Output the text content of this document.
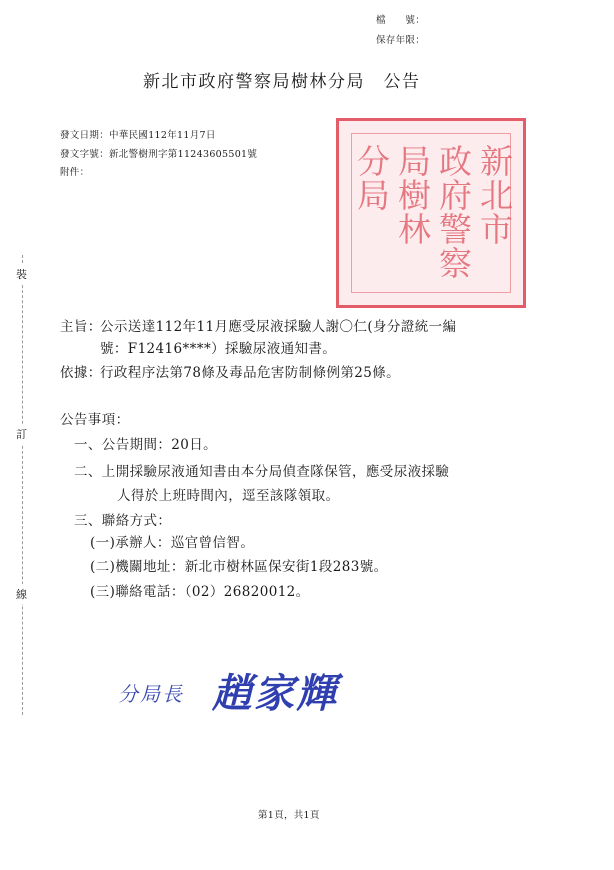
檔　　號：
保存年限：
新北市政府警察局樹林分局　公告
發文日期：中華民國112年11月7日
發文字號：新北警樹刑字第11243605501號
附件：
裝
訂
線
新
北
市
政
府
警
察
局
樹
林
分
局
主旨：
公示送達112年11月應受尿液採驗人謝〇仁(身分證統一編
號：F12416****）採驗尿液通知書。
依據：
行政程序法第78條及毒品危害防制條例第25條。
公告事項：
一、公告期間：20日。
二、上開採驗尿液通知書由本分局偵查隊保管，應受尿液採驗
人得於上班時間內，逕至該隊領取。
三、聯絡方式：
(一)承辦人：巡官曾信智。
(二)機關地址：新北市樹林區保安街1段283號。
(三)聯絡電話：（02）26820012。
分局長 趙家輝
第1頁，共1頁
